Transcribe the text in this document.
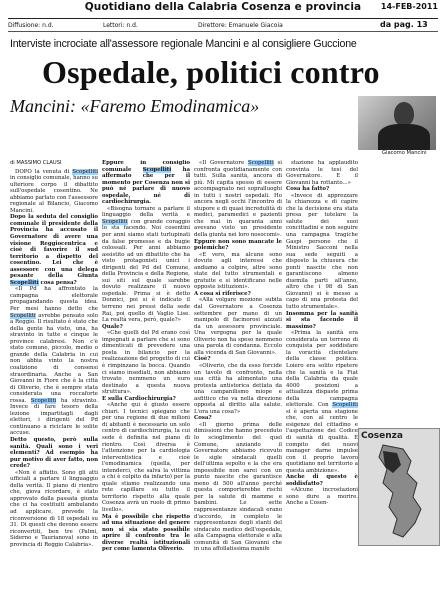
Quotidiano della Calabria Cosenza e provincia	14-FEB-2011
Diffusione: n.d.	Lettori: n.d.	Direttore: Emanuele Giacoia	da pag. 13
Interviste incrociate all'assessore regionale Mancini e al consigliere Guccione
Ospedale, politici contro
Mancini: «Faremo Emodinamica»
Giacomo Mancini
di MASSIMO CLAUSI

DOPO la venuta di Scopelliti in consiglio comunale, hanno su ulteriore corpo il dibattito sull'ospedale cosentino. Ne abbiamo parlato con l'assessore regionale al Bilancio, Giacomo Mancini.

Dopo la seduta del consiglio comunale il presidente della Provincia ha accusato il Governatore di avere una visione Reggiocentrica e cioè di favorire il sud territorio a dispetto del cosentino. Lei che è assessore con una delega pesante della Giunta Scopelliti cosa pensa?

«Il Pd ha affrontato la campagna elettorale propagandando questa idea. Per mesi hanno detto che Scopelliti avrebbe pensato solo a Reggio. Il risultato è stato che della gente ha visto, una, ha stravinto in tutte e cinque le province calabresi. Non c'è stato comune, piccolo, medio o grande della Calabria in cui non abbia vinto la nostra coalizione di consensi straordinaria. Anche a San Giovanni in Fiore che è la città di Oliverio, che è sempre stata considerata una roccaforte rossa. Scopelliti ha stravinto. Invece di fare tesoro della lezione impartitagli dagli elettori, i dirigenti del Pd continuano a riciclare le solite accuse.

Detto questo, però sulla sanità. Quali sono i veri elementi? Ad esempio ha pur motivo di aver fatto, non crede?

«Non è affatto. Sono gli atti ufficiali a parlare il linguaggio della verità. Il piano di rientro che, giova ricordare, è stato approvato dalla passata giunta che ci ha costituiti ambulando ad applicare, prevede la riconversione di 18 ospedali su 31. Di questi che devono essere riconvertiti, ben tre (Palmi, Siderno e Taurianova) sono in provincia di Reggio Calabria».

Eppure in consiglio comunale Scopelliti ha affermato che per il momento per Cosenza non si può né parlare di nuovo ospedale, né di cardiochirurgia.

«Bisogna tornare a parlare il linguaggio della verità e Scopelliti con grande coraggio lo sta facendo. Noi cosentini per anni siamo stati turlupinati da false promesse e da bugie colossali. Per anni abbiamo assistito ad un dibattito che ha visto protagonisti unici i dirigenti del Pd del Comune, della Provincia e della Regione, sui siti sul quale sarebbe dovuto realizzare il nuovo ospedale. Prima si è detto Donnici, poi si è indicato il terreno nei pressi della sede Rai, poi quello di Vaglio Lise. La realtà vera, però, quale?»

Quale?

«Che quelli del Pd erano così impegnati a parlare che si sono dimenticati di prevedere una posta in bilancio per la realizzazione del progetto di cui è rimpinzano la bocca. Quando ci siamo insediati, non abbiamo trovato nemmeno un euro destinato a questa nuova struttura».

E sulla Cardiochirurgia?

«Anche qui è giusto essere chiari. I tecnici spiegano che per una regione di due milioni di abitanti è necessario un solo centro di cardiochirurgia, la cui sede è definita nel piano di rientro. Così diversa è l'attenzione per la cardiologia interventistica e cioè l'emodinamica (quella, per intenderci, che salva la vittima a chi è colpito da infarto) per la quale stiamo realizzando una rete capillare su tutto il territorio rispetto alla quale Cosenza avrà un ruolo di primo livello».

Ma è possibile che rispetto ad una situazione del genere non si sia stato possibile aprire il confronto tra le diverse realtà istituzionali per come lamenta Oliverio.

«Il Governatore Scopelliti si confronta quotidianamente con tutti. Sulla sanità, ancora di più. Mi capita spesso di essere accompagnato nei sopralluoghi in tutti i nostri ospedali. Ho ancora negli occhi l'incontro di stupore e di quasi incredulità di medici, paramedici e pazienti che mai in quaranta anni avevano visto un presidente della giunta nei loro nosocomi».

Eppure non sono mancate le polemiche?

«E vero, ma alcune sono dovute agli interessi che andiamo a colpire, altre sono state del tutto strumentali e gratuite e si identificano nelle opposte istituzioni».

A cosa si riferisce?

«Alla volgare mozione subita dal Governatore a Cosenza settembre per mano di un manipolo di facinorosi aizzati da un assessore provinciale. Una vergogna per la quale Oliverio non ha speso nemmeno una parola di condanna. Eccolo alla vicenda di San Giovanni».

Cioè?

«Oliverio, che da esso forcide un tavolo di confronto, nella sua città ha alimentato una protesta antistorica dettata da una campanilismo miope e asfittico che va nella direzione opposta al diritto alla salute. L'ora una cosa?»

Cosa?

«Il giorno prima delle dimissioni che hanno preceduto lo scioglimento del quel Comune, anziando il Governatore abbiamo ricevuto le sigle sindacali quelli dell'ultima sepolto e la che era impossibile non sarei con un punto nascite che garantisce meno di 500 all'anno perché questa comporterebbe rischi per la salute di mamme e bambini. Le sette rappresentanze sindacali erano d'accordo, in completo le rappresentanze degli stanti del sindacato medico dell'ospedale, alla Campagna elettorale e alla comunità di San Giovanni che in una affollatissima manife

stazione ha applaudito convinta le tesi del Governatore. E il Giovanni ha rottanto...»

Cosa ha fatto?

«Invece di apprezzare la chiarezza e di capire che la decisione era stata presa per tutelare la salute dei suoi concittadini e non seguire una campagna tragiche Gaspi persone che il Ministro Sacconi nella sua sede seguiti a disposto la chiusura che punti nascite che non garantiscono almeno duemila parti all'anno, altro che i 98 di San Giovanni) si è messo a capo di una protesta del tutto strumentale».

Insomma per la sanità si sta facendo il massimo?

«Prima la sanità era considerata un terreno di conquista per soddisfare la voracità clientelare della classe politica. Loiero era solito ripetere che la sanità e la Fiat della Calabria da quale 4000 posizioni a attualizza dispaste prima della campagna elettorale. Con Scopelliti si è aperta una stagione che, con al centro le esigenze del cittadino e l'aspettazione dei Codice di sanità di qualità. È compito dei nuovi manager darne impulse con il proprio lavoro quotidiano nel territorio a questa ambizione».

Anche di questo è soddisfatto?

«Alcune incrostazioni sono dure a morire. Anche a Cosen-

Cosenza
